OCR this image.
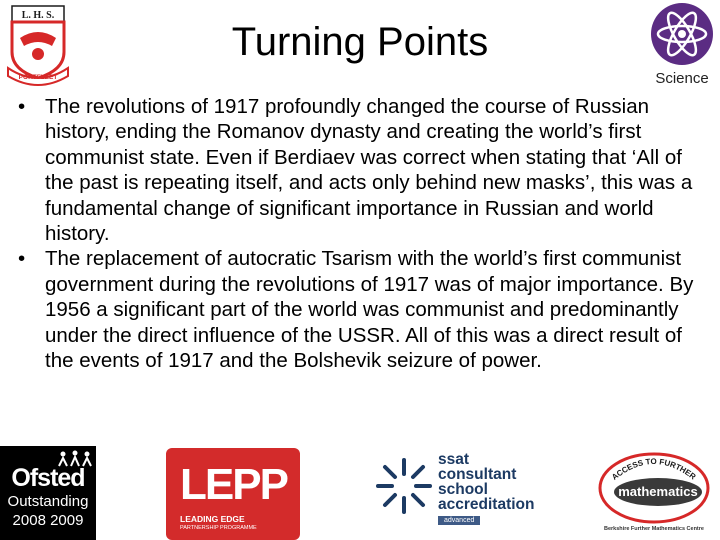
L. H. S.
PORTFLEET
Turning Points
Science
• The revolutions of 1917 profoundly changed the course of Russian history, ending the Romanov dynasty and creating the world’s first communist state. Even if Berdiaev was correct when stating that ‘All of the past is repeating itself, and acts only behind new masks’, this was a fundamental change of significant importance in Russian and world history.
• The replacement of autocratic Tsarism with the world’s first communist government during the revolutions of 1917 was of major importance. By 1956 a significant part of the world was communist and predominantly under the direct influence of the USSR. All of this was a direct result of the events of 1917 and the Bolshevik seizure of power.
Ofsted
Outstanding
2008 2009
LEPP
LEADING EDGE
PARTNERSHIP PROGRAMME
ssat
consultant
school
accreditation
advanced
ACCESS TO FURTHER
mathematics
Berkshire Further Mathematics Centre
